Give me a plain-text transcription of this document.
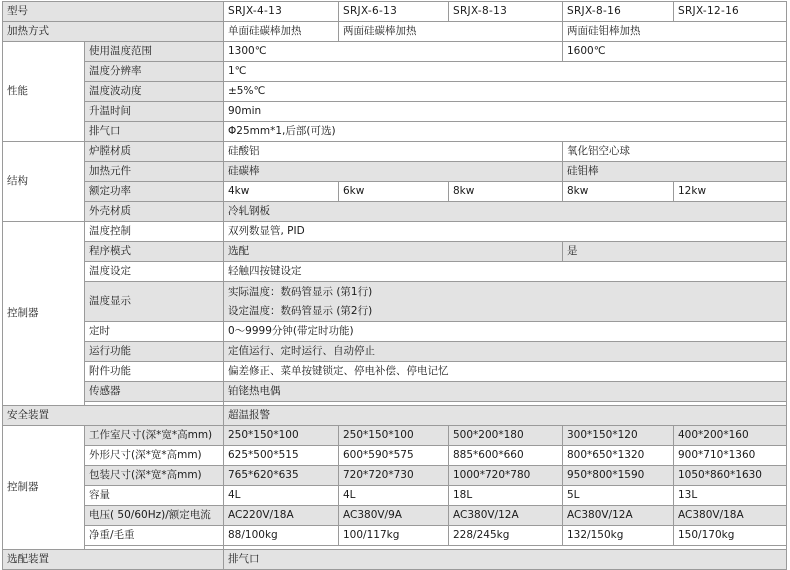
型号		SRJX-4-13	SRJX-6-13	SRJX-8-13	SRJX-8-16	SRJX-12-16
加热方式		单面硅碳棒加热	两面硅碳棒加热		两面硅钼棒加热	
性能	使用温度范围	1300℃			1600℃	
	温度分辨率	1℃				
	温度波动度	±5%℃				
	升温时间	90min				
	排气口	Φ25mm*1,后部(可选)				
结构	炉膛材质	硅酸铝			氧化铝空心球	
	加热元件	硅碳棒			硅钼棒	
	额定功率	4kw	6kw	8kw	8kw	12kw
	外壳材质	冷轧钢板				
控制器	温度控制	双列数显管, PID				
	程序模式	选配			是	
	温度设定	轻触四按键设定				
	温度显示	实际温度：数码管显示 (第1行)
设定温度：数码管显示 (第2行)				

	定时	0～9999分钟(带定时功能)				
	运行功能	定值运行、定时运行、自动停止				
	附件功能	偏差修正、菜单按键锁定、停电补偿、停电记忆				
	传感器	铂铑热电偶				

安全装置		超温报警				
控制器	工作室尺寸(深*宽*高mm)	250*150*100	250*150*100	500*200*180	300*150*120	400*200*160
	外形尺寸(深*宽*高mm)	625*500*515	600*590*575	885*600*660	800*650*1320	900*710*1360
	包装尺寸(深*宽*高mm)	765*620*635	720*720*730	1000*720*780	950*800*1590	1050*860*1630
	容量	4L	4L	18L	5L	13L
	电压( 50/60Hz)/额定电流	AC220V/18A	AC380V/9A	AC380V/12A	AC380V/12A	AC380V/18A
	净重/毛重	88/100kg	100/117kg	228/245kg	132/150kg	150/170kg

选配装置		排气口				
